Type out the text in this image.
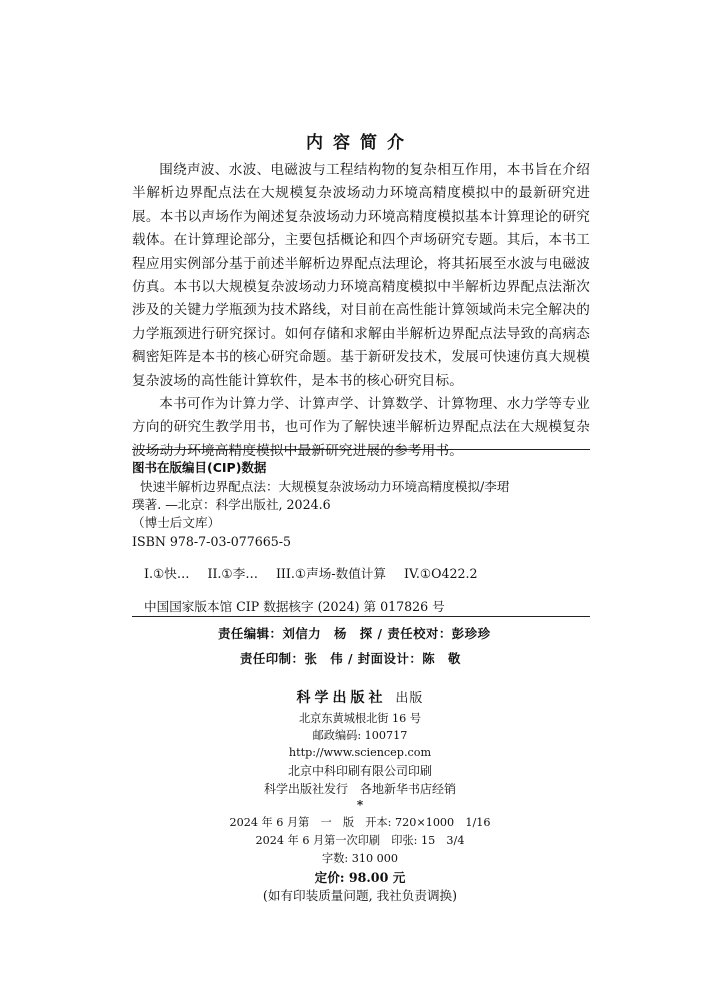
内容简介

围绕声波、水波、电磁波与工程结构物的复杂相互作用，本书旨在介绍半解析边界配点法在大规模复杂波场动力环境高精度模拟中的最新研究进展。本书以声场作为阐述复杂波场动力环境高精度模拟基本计算理论的研究载体。在计算理论部分，主要包括概论和四个声场研究专题。其后，本书工程应用实例部分基于前述半解析边界配点法理论，将其拓展至水波与电磁波仿真。本书以大规模复杂波场动力环境高精度模拟中半解析边界配点法渐次涉及的关键力学瓶颈为技术路线，对目前在高性能计算领域尚未完全解决的力学瓶颈进行研究探讨。如何存储和求解由半解析边界配点法导致的高病态稠密矩阵是本书的核心研究命题。基于新研发技术，发展可快速仿真大规模复杂波场的高性能计算软件，是本书的核心研究目标。

本书可作为计算力学、计算声学、计算数学、计算物理、水力学等专业方向的研究生教学用书，也可作为了解快速半解析边界配点法在大规模复杂波场动力环境高精度模拟中最新研究进展的参考用书。

图书在版编目(CIP)数据
快速半解析边界配点法：大规模复杂波场动力环境高精度模拟/李珺
璞著. —北京：科学出版社, 2024.6
（博士后文库）
ISBN 978-7-03-077665-5
I.①快… II.①李… III.①声场-数值计算 IV.①O422.2
中国国家版本馆 CIP 数据核字 (2024) 第 017826 号
责任编辑：刘信力　杨　探 / 责任校对：彭珍珍
责任印制：张　伟 / 封面设计：陈　敬
科学出版社 出版
北京东黄城根北街 16 号
邮政编码: 100717
http://www.sciencep.com
北京中科印刷有限公司印刷
科学出版社发行　各地新华书店经销
*
2024 年 6 月第　一　版　开本: 720×1000　1/16
2024 年 6 月第一次印刷　印张: 15　3/4
字数: 310 000
定价: 98.00 元
(如有印装质量问题, 我社负责调换)
